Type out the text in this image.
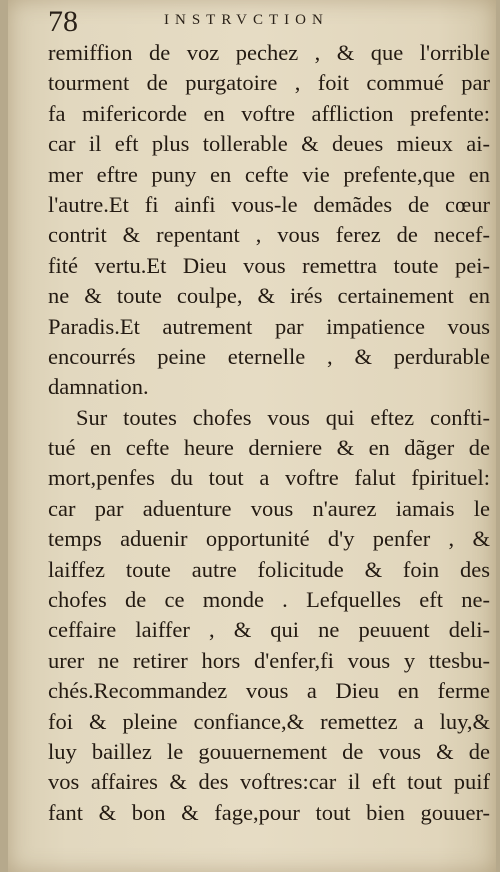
78	INSTRVCTION
remiffion de voz pechez , & que l'orrible
tourment de purgatoire , foit commué par
fa mifericorde en voftre affliction prefente:
car il eft plus tollerable & deues mieux ai-
mer eftre puny en cefte vie prefente,que en
l'autre.Et fi ainfi vous-le demãdes de cœur
contrit & repentant , vous ferez de necef-
fité vertu.Et Dieu vous remettra toute pei-
ne & toute coulpe, & irés certainement en
Paradis.Et autrement par impatience vous
encourrés peine eternelle , & perdurable
damnation.
Sur toutes chofes vous qui eftez confti-
tué en cefte heure derniere & en dãger de
mort,penfes du tout a voftre falut fpirituel:
car par aduenture vous n'aurez iamais le
temps aduenir opportunité d'y penfer , &
laiffez toute autre folicitude & foin des
chofes de ce monde . Lefquelles eft ne-
ceffaire laiffer , & qui ne peuuent deli-
urer ne retirer hors d'enfer,fi vous y ttesbu-
chés.Recommandez vous a Dieu en ferme
foi & pleine confiance,& remettez a luy,&
luy baillez le gouuernement de vous & de
vos affaires & des voftres:car il eft tout puif
fant & bon & fage,pour tout bien gouuer-
